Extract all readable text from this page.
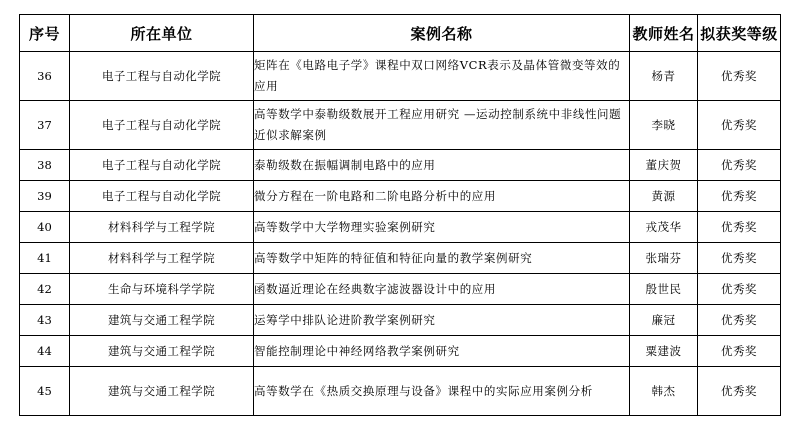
序号	所在单位	案例名称	教师姓名	拟获奖等级
36	电子工程与自动化学院	矩阵在《电路电子学》课程中双口网络VCR表示及晶体管微变等效的应用	杨青	优秀奖
37	电子工程与自动化学院	高等数学中泰勒级数展开工程应用研究 —运动控制系统中非线性问题近似求解案例	李晓	优秀奖
38	电子工程与自动化学院	泰勒级数在振幅调制电路中的应用	董庆贺	优秀奖
39	电子工程与自动化学院	微分方程在一阶电路和二阶电路分析中的应用	黄源	优秀奖
40	材料科学与工程学院	高等数学中大学物理实验案例研究	戎茂华	优秀奖
41	材料科学与工程学院	高等数学中矩阵的特征值和特征向量的教学案例研究	张瑞芬	优秀奖
42	生命与环境科学学院	函数逼近理论在经典数字滤波器设计中的应用	殷世民	优秀奖
43	建筑与交通工程学院	运筹学中排队论进阶教学案例研究	廉冠	优秀奖
44	建筑与交通工程学院	智能控制理论中神经网络教学案例研究	粟建波	优秀奖
45	建筑与交通工程学院	高等数学在《热质交换原理与设备》课程中的实际应用案例分析	韩杰	优秀奖
